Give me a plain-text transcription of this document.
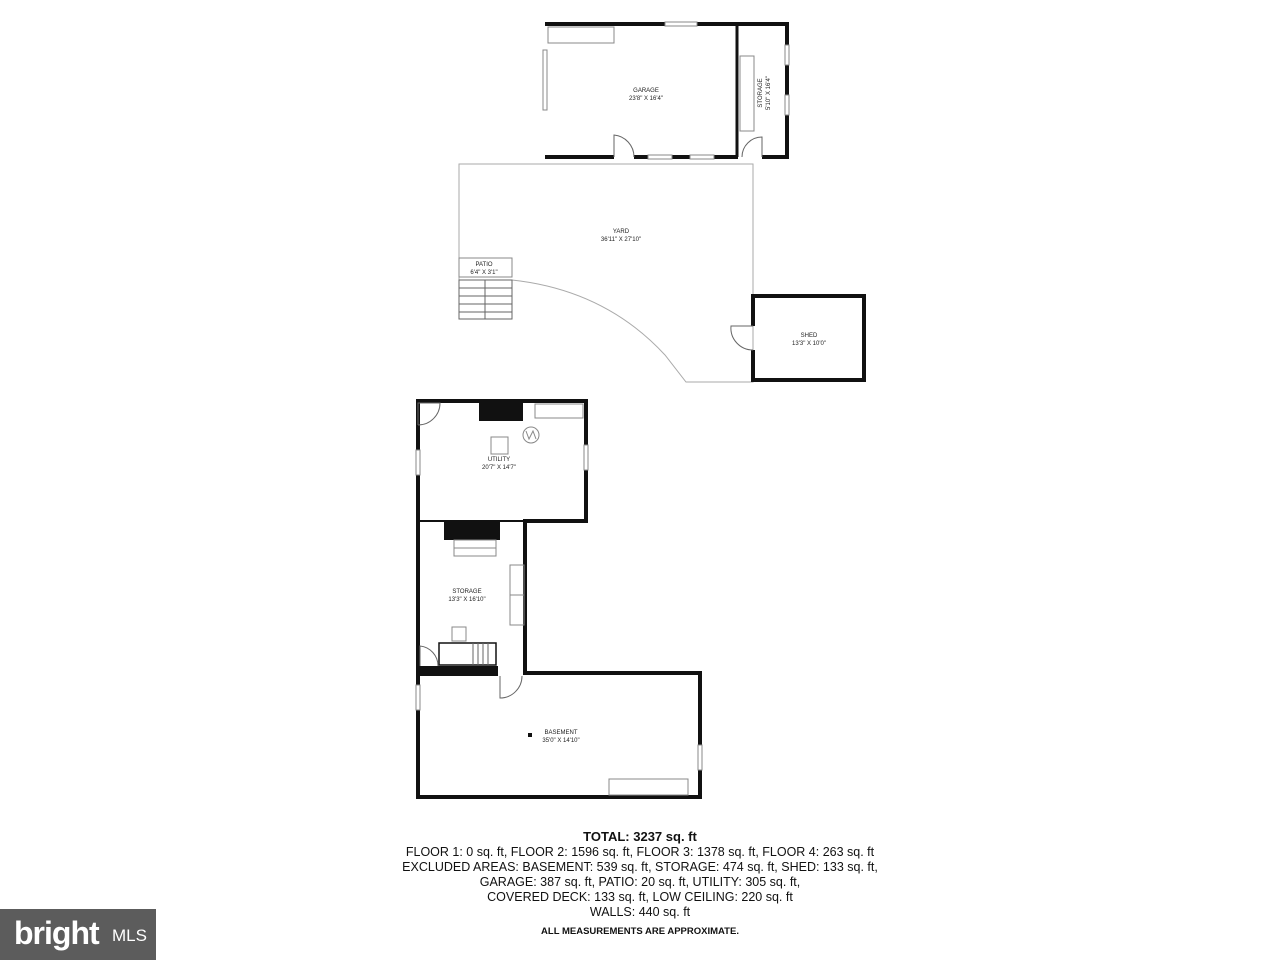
GARAGE
23'8" X 16'4"	STORAGE 5'10" X 16'4"
YARD
36'11" X 27'10"
PATIO
6'4" X 3'1"
SHED
13'3" X 10'0"
UTILITY
20'7" X 14'7"
STORAGE
13'3" X 16'10"
BASEMENT
35'0" X 14'10"
TOTAL: 3237 sq. ft
FLOOR 1: 0 sq. ft, FLOOR 2: 1596 sq. ft, FLOOR 3: 1378 sq. ft, FLOOR 4: 263 sq. ft
EXCLUDED AREAS: BASEMENT: 539 sq. ft, STORAGE: 474 sq. ft, SHED: 133 sq. ft,
GARAGE: 387 sq. ft, PATIO: 20 sq. ft, UTILITY: 305 sq. ft,
COVERED DECK: 133 sq. ft, LOW CEILING: 220 sq. ft
WALLS: 440 sq. ft
ALL MEASUREMENTS ARE APPROXIMATE.
bright MLS
